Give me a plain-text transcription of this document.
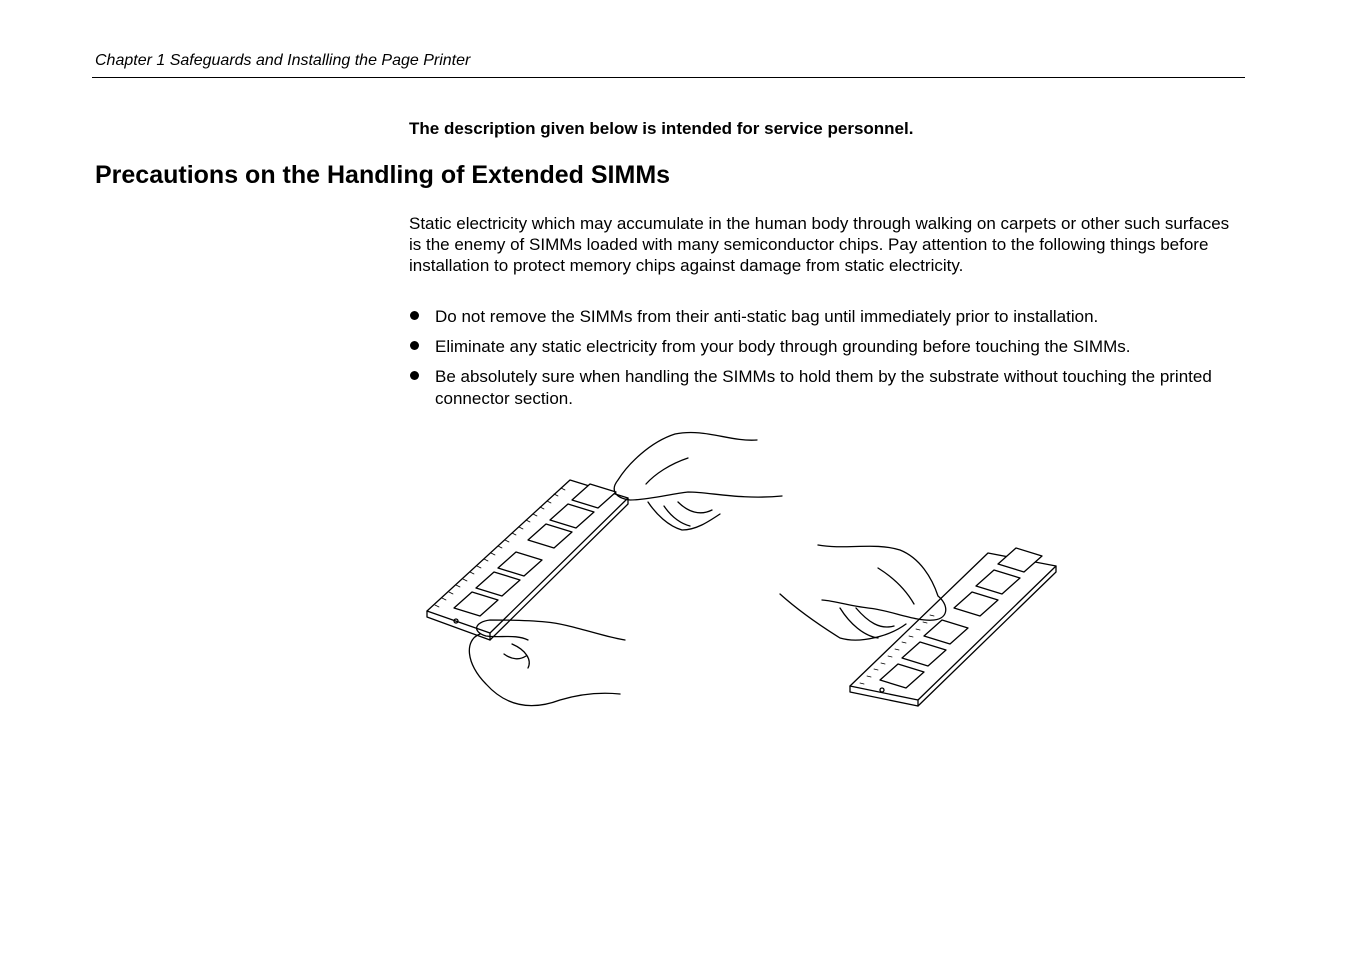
Chapter 1 Safeguards and Installing the Page Printer
The description given below is intended for service personnel.
Precautions on the Handling of Extended SIMMs

Static electricity which may accumulate in the human body through walking on carpets or other such surfaces is the enemy of SIMMs loaded with many semiconductor chips. Pay attention to the following things before installation to protect memory chips against damage from static electricity.

Do not remove the SIMMs from their anti-static bag until immediately prior to installation.
Eliminate any static electricity from your body through grounding before touching the SIMMs.
Be absolutely sure when handling the SIMMs to hold them by the substrate without touching the printed connector section.
